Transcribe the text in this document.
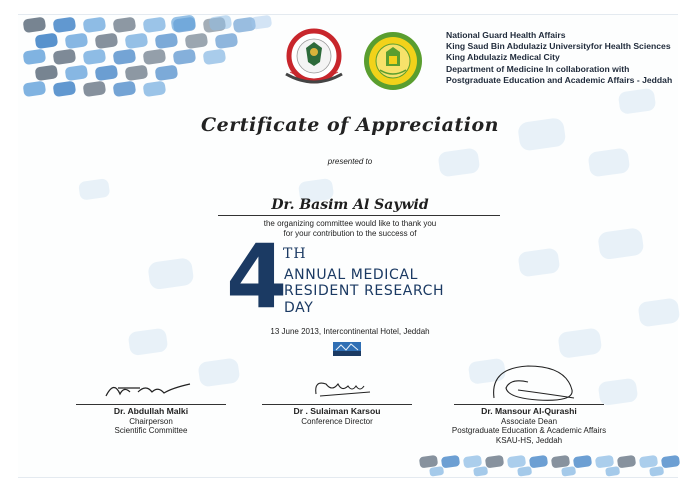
National Guard Health Affairs
King Saud Bin Abdulaziz Universityfor Health Sciences
King Abdulaziz Medical City
Department of Medicine In collaboration with
Postgraduate Education and Academic Affairs - Jeddah
Certificate of Appreciation
presented to
Dr. Basim Al Saywid
the organizing committee would like to thank you
for your contribution to the success of
4
TH
ANNUAL MEDICAL
RESIDENT RESEARCH
DAY
13 June 2013, Intercontinental Hotel, Jeddah
Dr. Abdullah Malki
Chairperson
Scientific Committee
Dr . Sulaiman Karsou
Conference Director
Dr. Mansour Al-Qurashi
Associate Dean
Postgraduate Education & Academic Affairs
KSAU-HS, Jeddah
